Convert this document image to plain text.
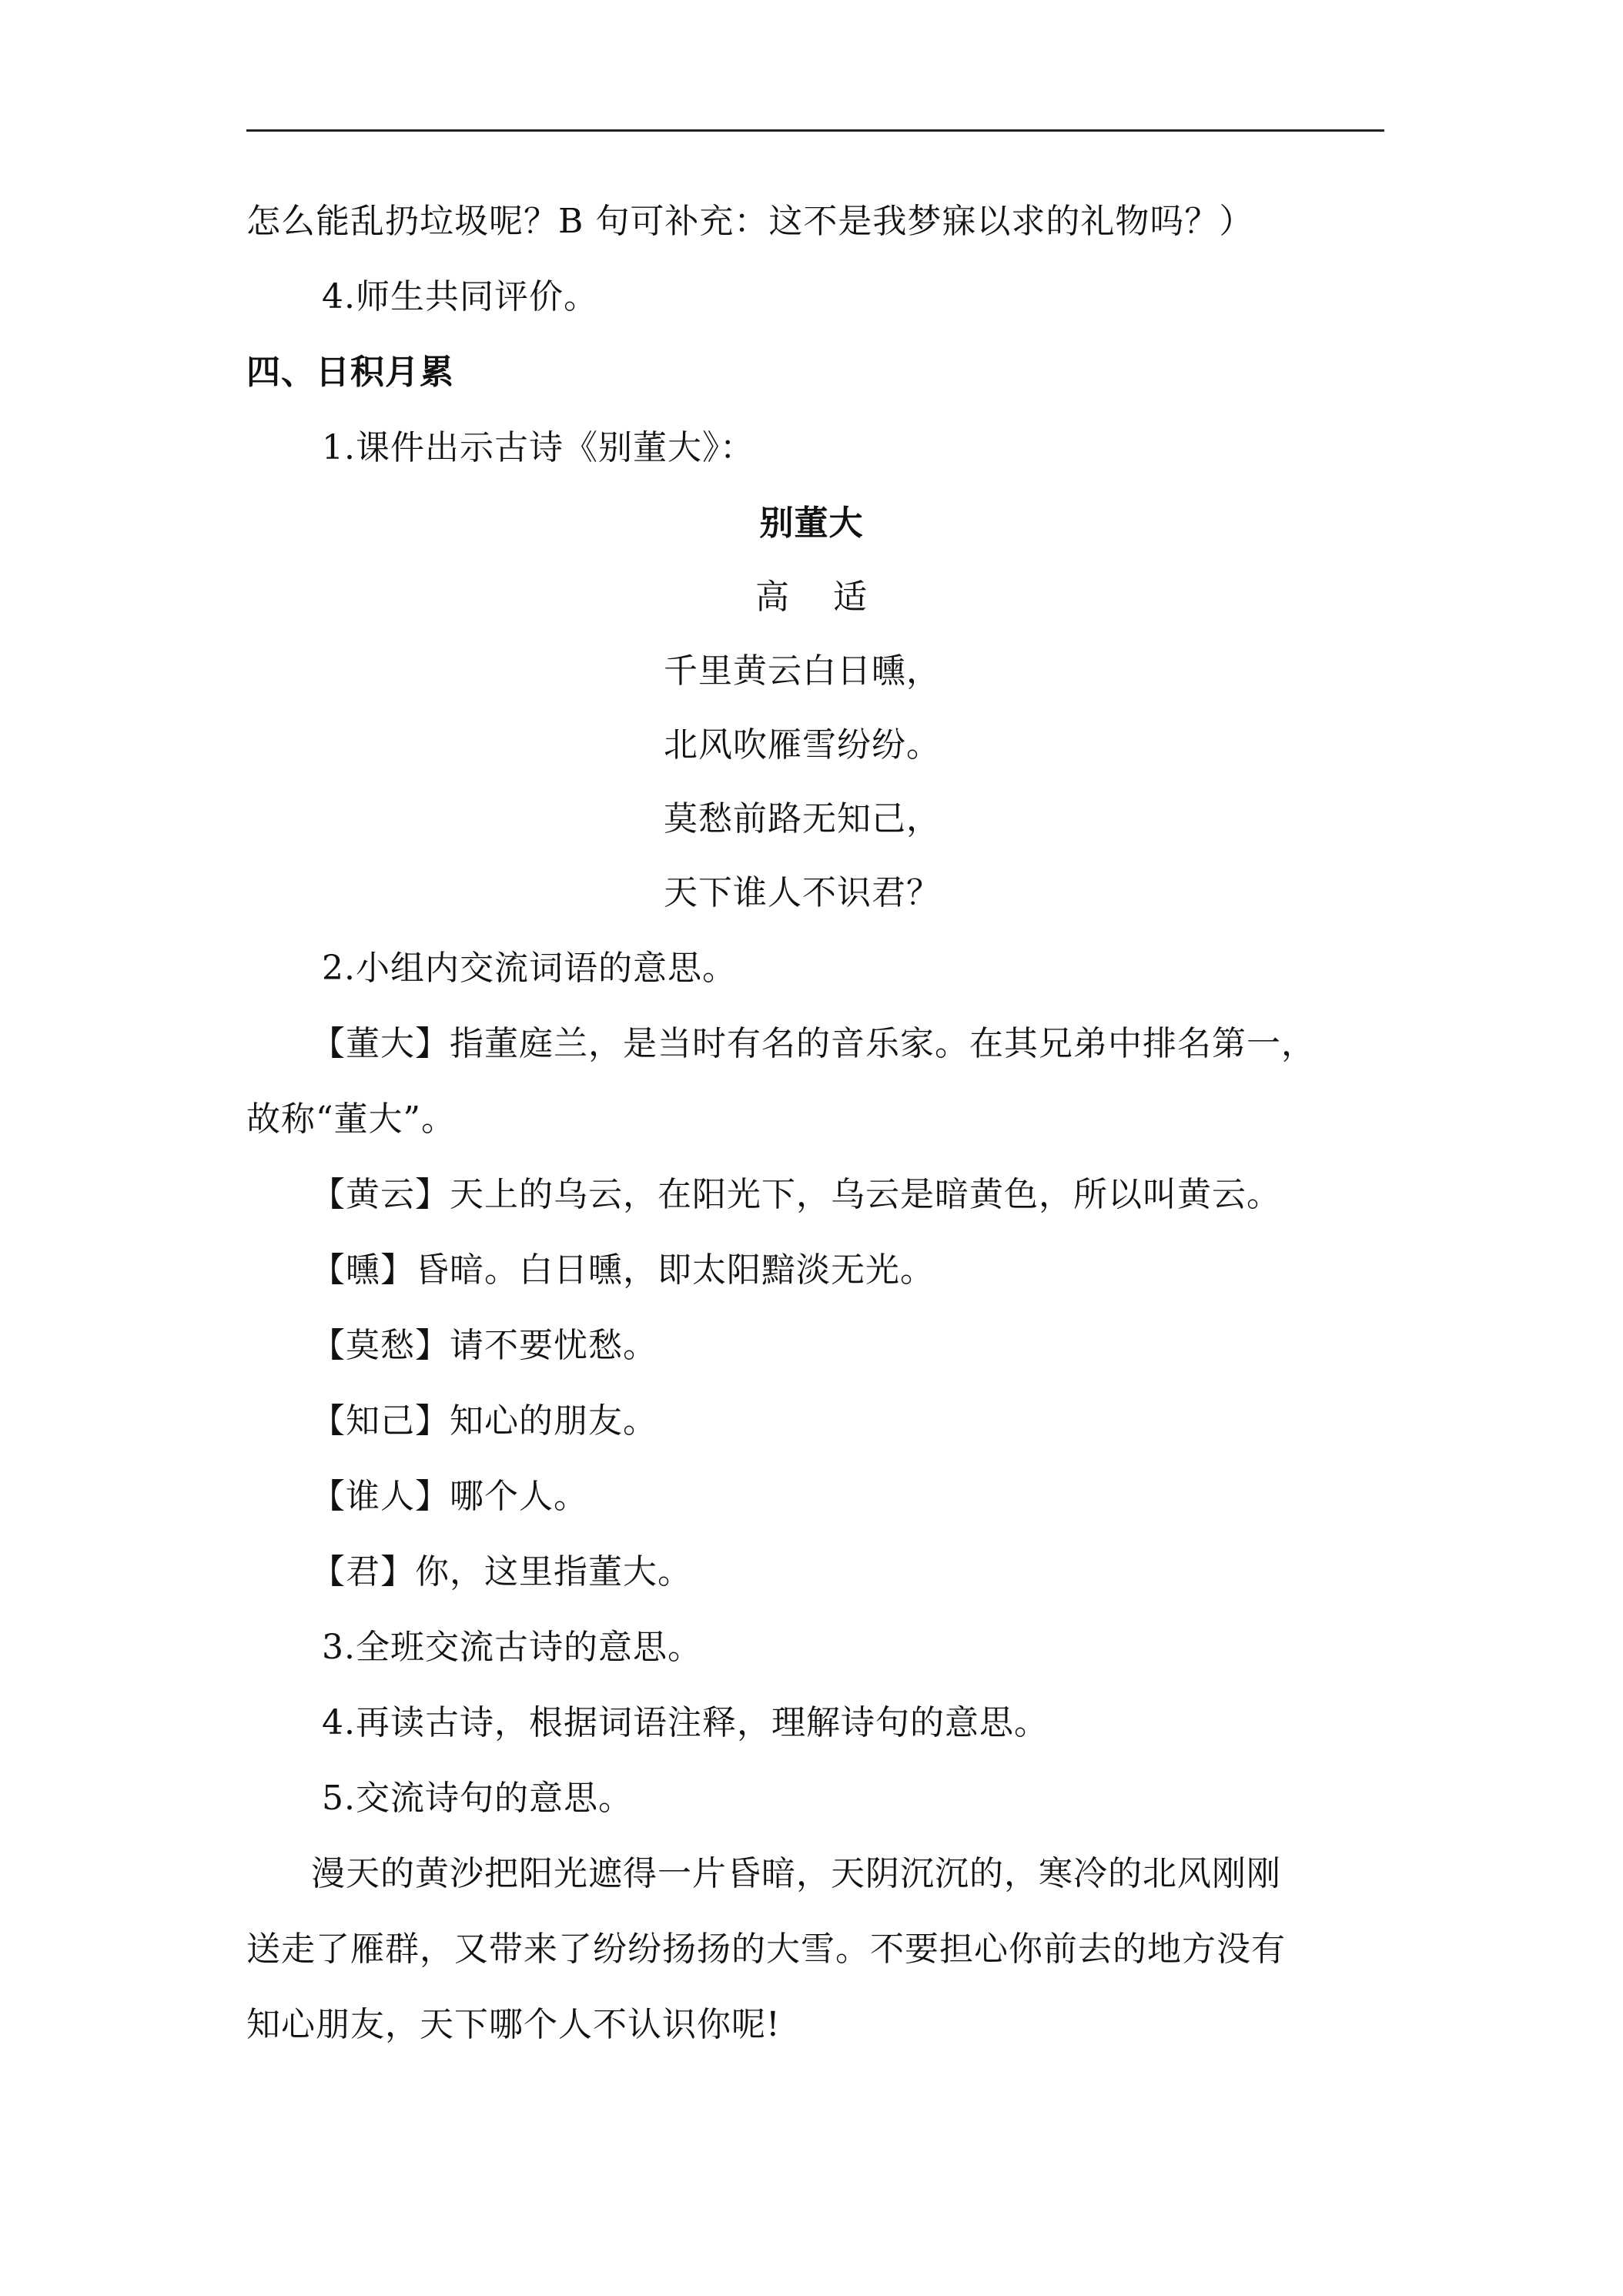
怎么能乱扔垃圾呢？B 句可补充：这不是我梦寐以求的礼物吗？）
4.师生共同评价。
四、日积月累
1.课件出示古诗《别董大》：
别董大
高 适
千里黄云白日曛，
北风吹雁雪纷纷。
莫愁前路无知己，
天下谁人不识君？
2.小组内交流词语的意思。
【董大】指董庭兰，是当时有名的音乐家。在其兄弟中排名第一，
故称“董大”。
【黄云】天上的乌云，在阳光下，乌云是暗黄色，所以叫黄云。
【曛】昏暗。白日曛，即太阳黯淡无光。
【莫愁】请不要忧愁。
【知己】知心的朋友。
【谁人】哪个人。
【君】你，这里指董大。
3.全班交流古诗的意思。
4.再读古诗，根据词语注释，理解诗句的意思。
5.交流诗句的意思。
漫天的黄沙把阳光遮得一片昏暗，天阴沉沉的，寒冷的北风刚刚
送走了雁群，又带来了纷纷扬扬的大雪。不要担心你前去的地方没有
知心朋友，天下哪个人不认识你呢!
